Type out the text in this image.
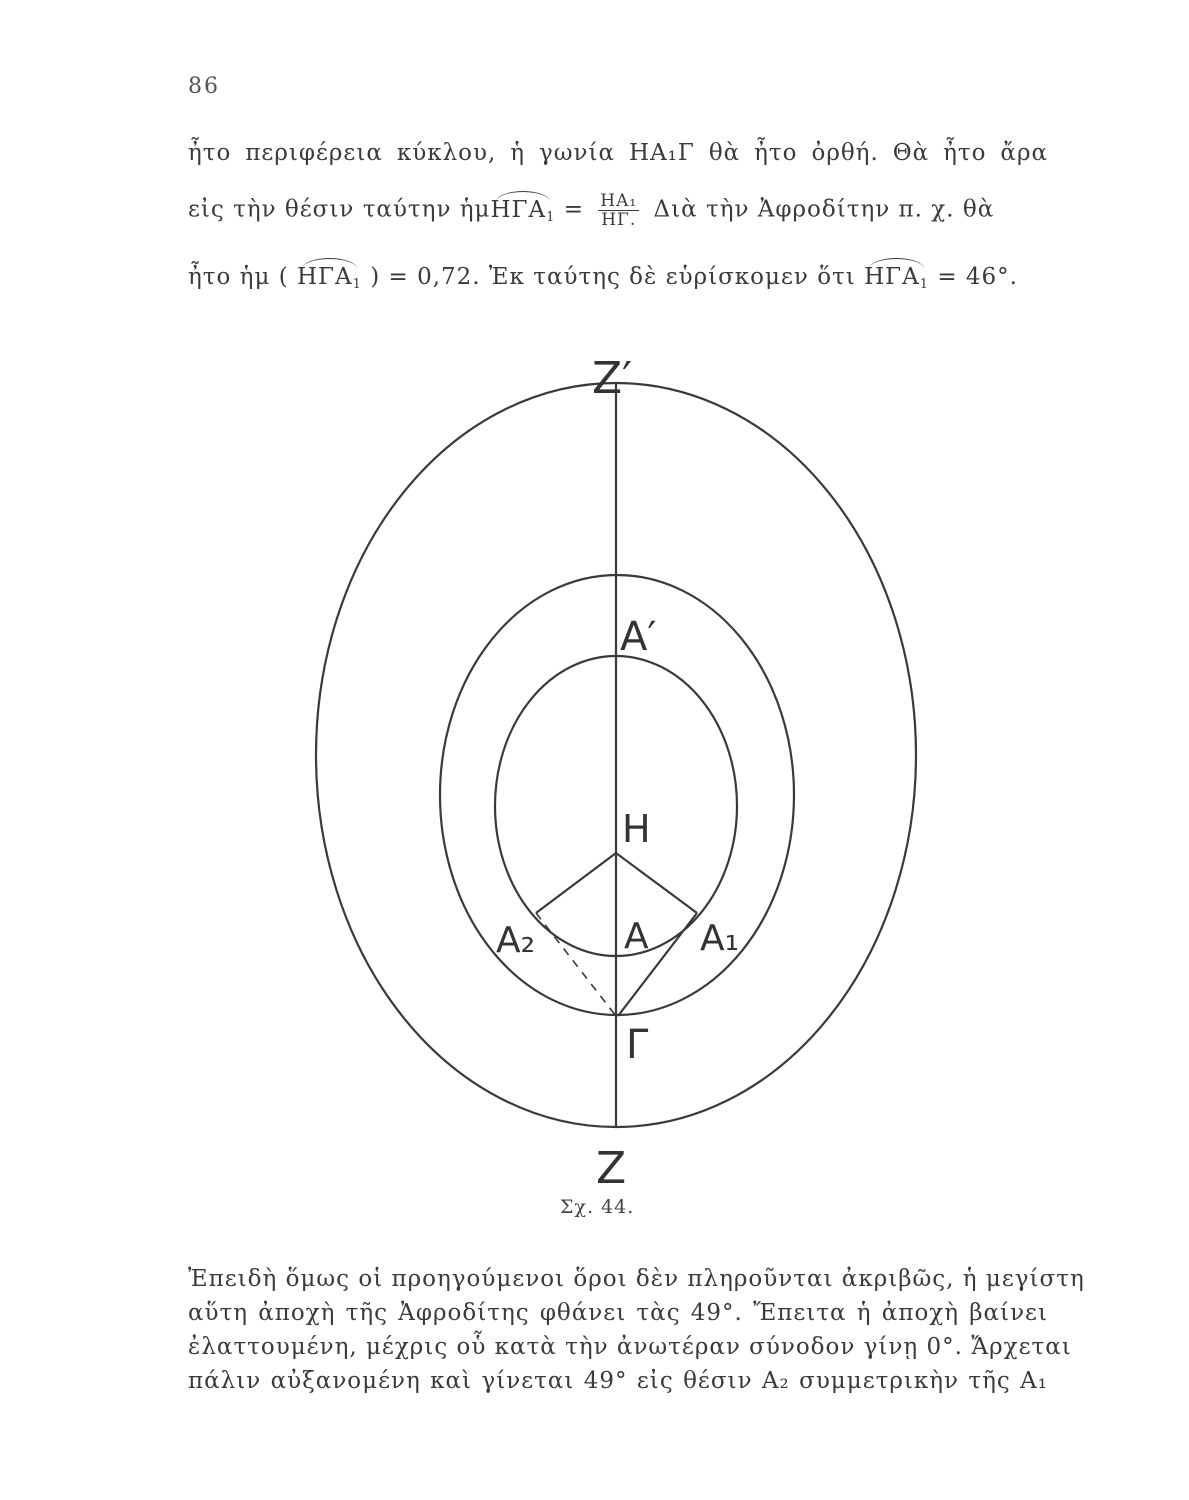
86
ἦτο περιφέρεια κύκλου, ἡ γωνία ΗΑ₁Γ θὰ ἦτο ὀρθή. Θὰ ἦτο ἄρα
εἰς τὴν θέσιν ταύτην ἡμΗΓΑ$_1$ = $\frac{\text{ΗΑ₁}}{H\Gamma.}$ Διὰ τὴν Ἀφροδίτην π. χ. θὰ
ἦτο ἡμ ( $H\Gamma A_1$ ) = 0,72. Ἐκ ταύτης δὲ εὑρίσκομεν ὅτι $H\Gamma A_1 = 46^\circ$.
Z′
A′
H
A A₁
A₂
Γ
Z
Σχ. 44.
Ἐπειδὴ ὅμως οἱ προηγούμενοι ὅροι δὲν πληροῦνται ἀκριβῶς, ἡ μεγίστη
αὕτη ἀποχὴ τῆς Ἀφροδίτης φθάνει τὰς 49°. Ἔπειτα ἡ ἀποχὴ βαίνει
ἐλαττουμένη, μέχρις οὗ κατὰ τὴν ἀνωτέραν σύνοδον γίνῃ 0°. Ἄρχεται
πάλιν αὐξανομένη καὶ γίνεται 49° εἰς θέσιν Α₂ συμμετρικὴν τῆς Α₁
